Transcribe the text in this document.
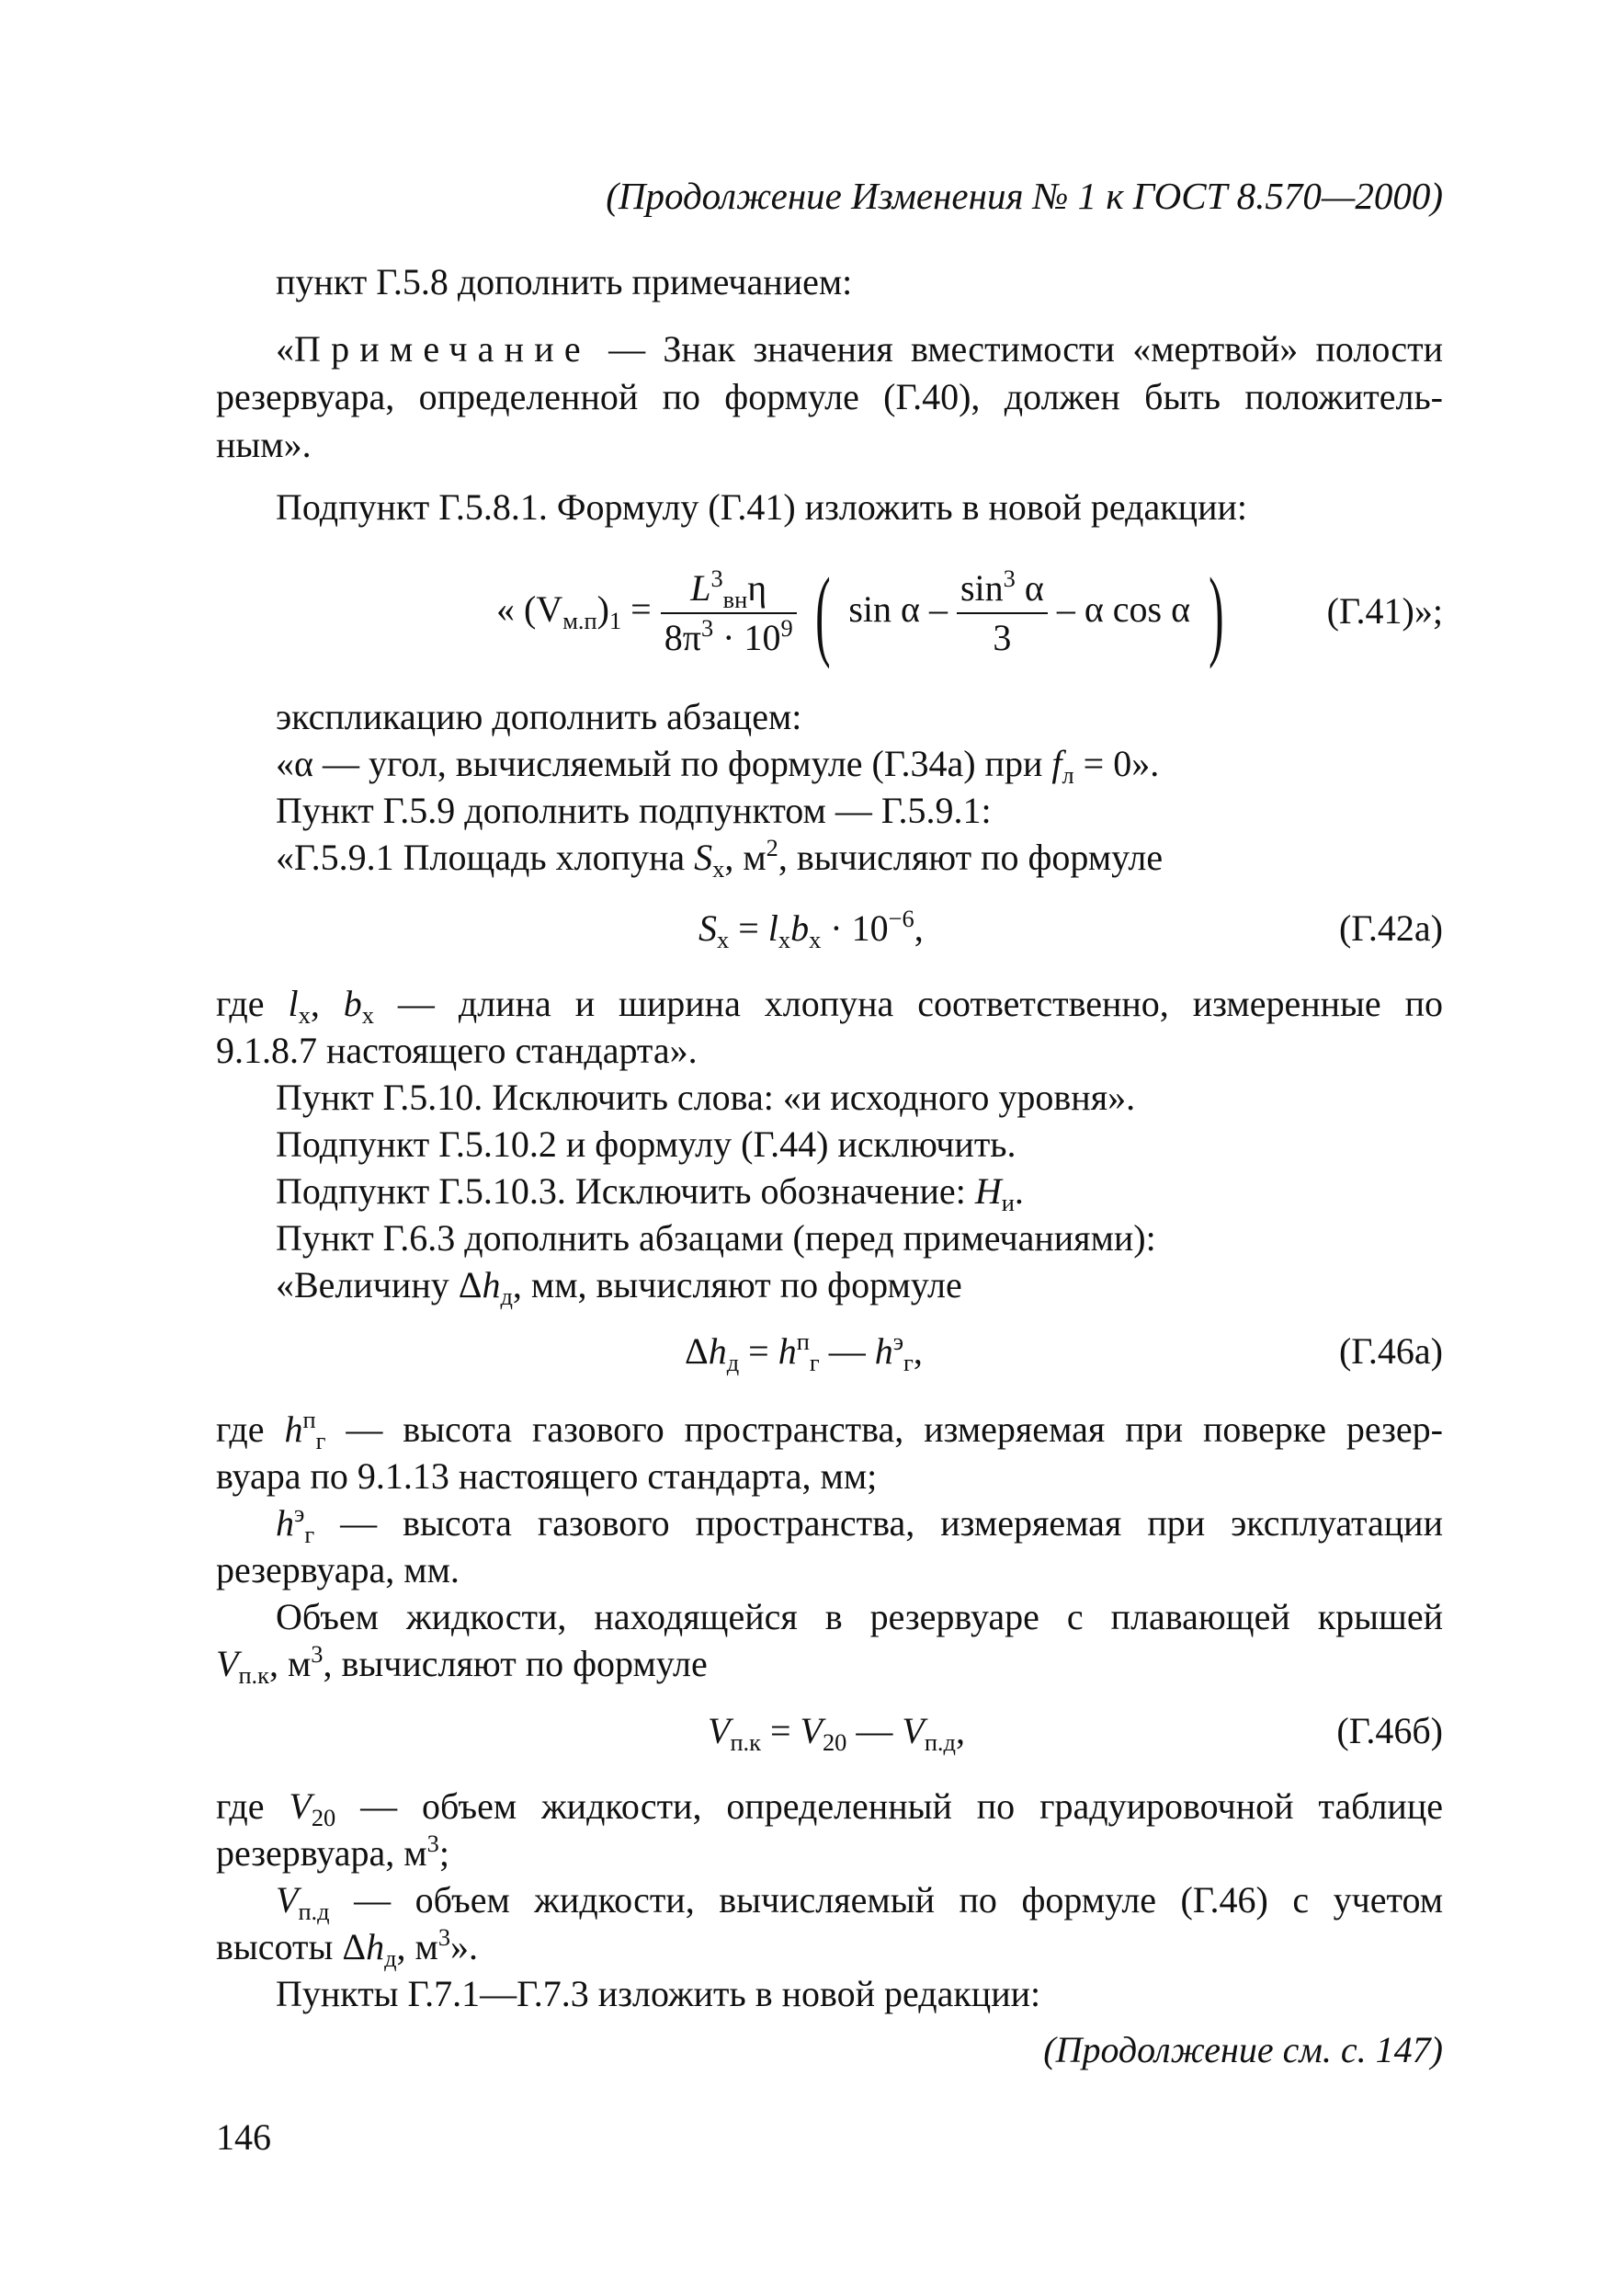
(Продолжение Изменения № 1 к ГОСТ 8.570—2000)
пункт Г.5.8 дополнить примечанием:
«Примечание — Знак значения вместимости «мертвой» полости
резервуара, определенной по формуле (Г.40), должен быть положитель-
ным».
Подпункт Г.5.8.1. Формулу (Г.41) изложить в новой редакции:
« $(V_{м.п})_1 = \frac{L^3_{вн}\eta}{8\pi^3 \cdot 10^9}$ ( sin α – $\frac{\sin^3 \alpha}{3}$ – α cos α )	(Г.41)»;
экспликацию дополнить абзацем:
«α — угол, вычисляемый по формуле (Г.34а) при $f_л = 0$».
Пункт Г.5.9 дополнить подпунктом — Г.5.9.1:
«Г.5.9.1 Площадь хлопуна $S_х$, $м^2$, вычисляют по формуле
$S_х = l_хb_х \cdot 10^{-6}$,	(Г.42а)
где $l_х$, $b_х$ — длина и ширина хлопуна соответственно, измеренные по
9.1.8.7 настоящего стандарта».
Пункт Г.5.10. Исключить слова: «и исходного уровня».
Подпункт Г.5.10.2 и формулу (Г.44) исключить.
Подпункт Г.5.10.3. Исключить обозначение: $H_и$.
Пункт Г.6.3 дополнить абзацами (перед примечаниями):
«Величину $\Delta h_д$, мм, вычисляют по формуле
$\Delta h_д = h^п_г$ — $h^э_г$,	(Г.46а)
где $h^п_г$ — высота газового пространства, измеряемая при поверке резер-
вуара по 9.1.13 настоящего стандарта, мм;
$h^э_г$ — высота газового пространства, измеряемая при эксплуатации
резервуара, мм.
Объем жидкости, находящейся в резервуаре с плавающей крышей
$V_{п.к}$, $м^3$, вычисляют по формуле
$V_{п.к} = V_{20}$ — $V_{п.д}$,	(Г.46б)
где $V_{20}$ — объем жидкости, определенный по градуировочной таблице
резервуара, $м^3$;
$V_{п.д}$ — объем жидкости, вычисляемый по формуле (Г.46) с учетом
высоты $\Delta h_д$, $м^3$».
Пункты Г.7.1—Г.7.3 изложить в новой редакции:
(Продолжение см. с. 147)
146
